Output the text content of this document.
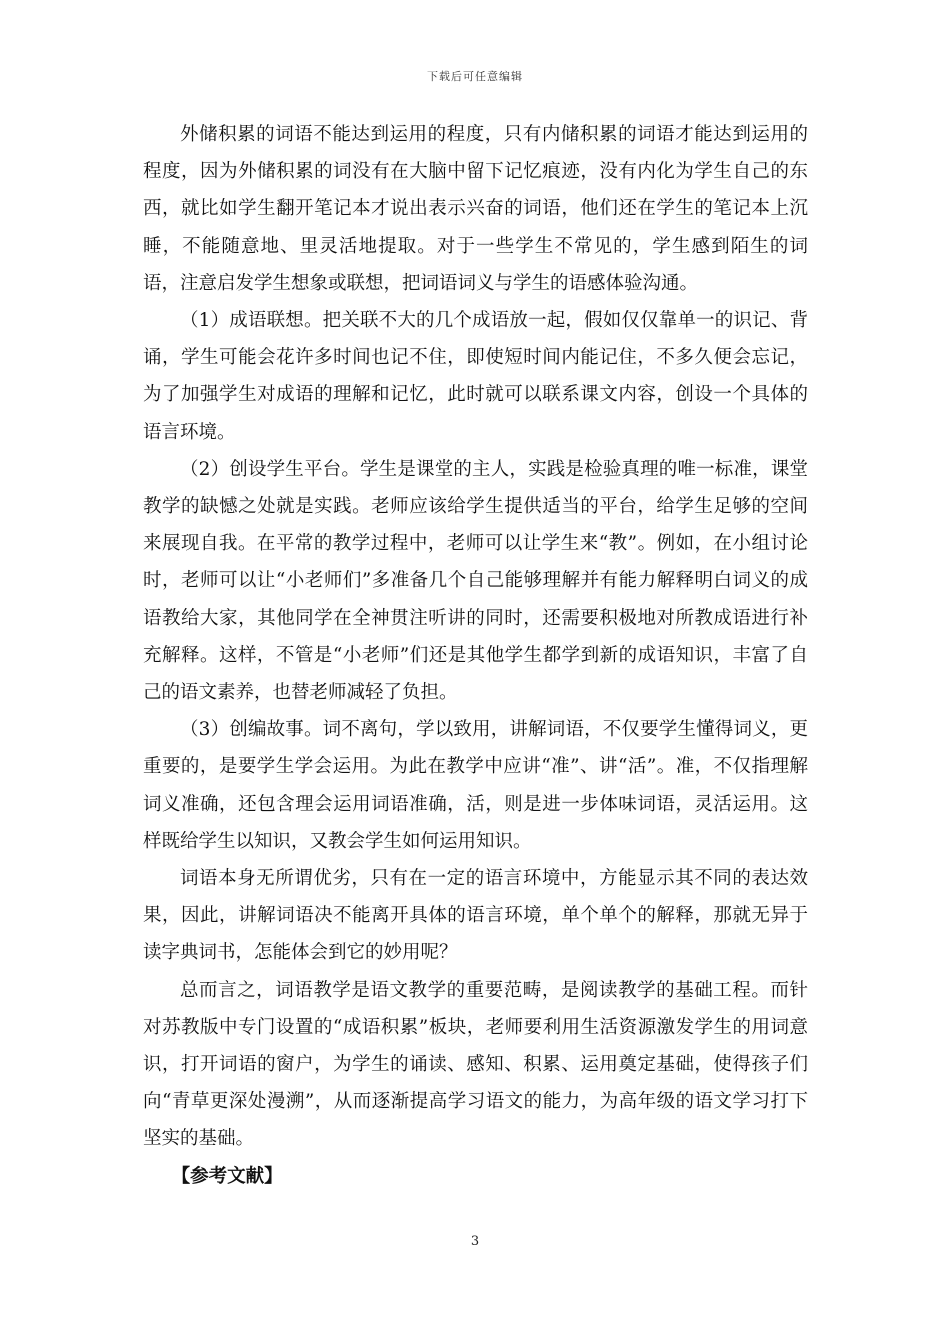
下载后可任意编辑

外储积累的词语不能达到运用的程度，只有内储积累的词语才能达到运用的程度，因为外储积累的词没有在大脑中留下记忆痕迹，没有内化为学生自己的东西，就比如学生翻开笔记本才说出表示兴奋的词语，他们还在学生的笔记本上沉睡，不能随意地、里灵活地提取。对于一些学生不常见的，学生感到陌生的词语，注意启发学生想象或联想，把词语词义与学生的语感体验沟通。

（1）成语联想。把关联不大的几个成语放一起，假如仅仅靠单一的识记、背诵，学生可能会花许多时间也记不住，即使短时间内能记住，不多久便会忘记，为了加强学生对成语的理解和记忆，此时就可以联系课文内容，创设一个具体的语言环境。

（2）创设学生平台。学生是课堂的主人，实践是检验真理的唯一标准，课堂教学的缺憾之处就是实践。老师应该给学生提供适当的平台，给学生足够的空间来展现自我。在平常的教学过程中，老师可以让学生来“教”。例如，在小组讨论时，老师可以让“小老师们”多准备几个自己能够理解并有能力解释明白词义的成语教给大家，其他同学在全神贯注听讲的同时，还需要积极地对所教成语进行补充解释。这样，不管是“小老师”们还是其他学生都学到新的成语知识，丰富了自己的语文素养，也替老师减轻了负担。

（3）创编故事。词不离句，学以致用，讲解词语，不仅要学生懂得词义，更重要的，是要学生学会运用。为此在教学中应讲“准”、讲“活”。准，不仅指理解词义准确，还包含理会运用词语准确，活，则是进一步体味词语，灵活运用。这样既给学生以知识，又教会学生如何运用知识。

词语本身无所谓优劣，只有在一定的语言环境中，方能显示其不同的表达效果，因此，讲解词语决不能离开具体的语言环境，单个单个的解释，那就无异于读字典词书，怎能体会到它的妙用呢？

总而言之，词语教学是语文教学的重要范畴，是阅读教学的基础工程。而针对苏教版中专门设置的“成语积累”板块，老师要利用生活资源激发学生的用词意识，打开词语的窗户，为学生的诵读、感知、积累、运用奠定基础，使得孩子们向“青草更深处漫溯”，从而逐渐提高学习语文的能力，为高年级的语文学习打下坚实的基础。

【参考文献】

3
